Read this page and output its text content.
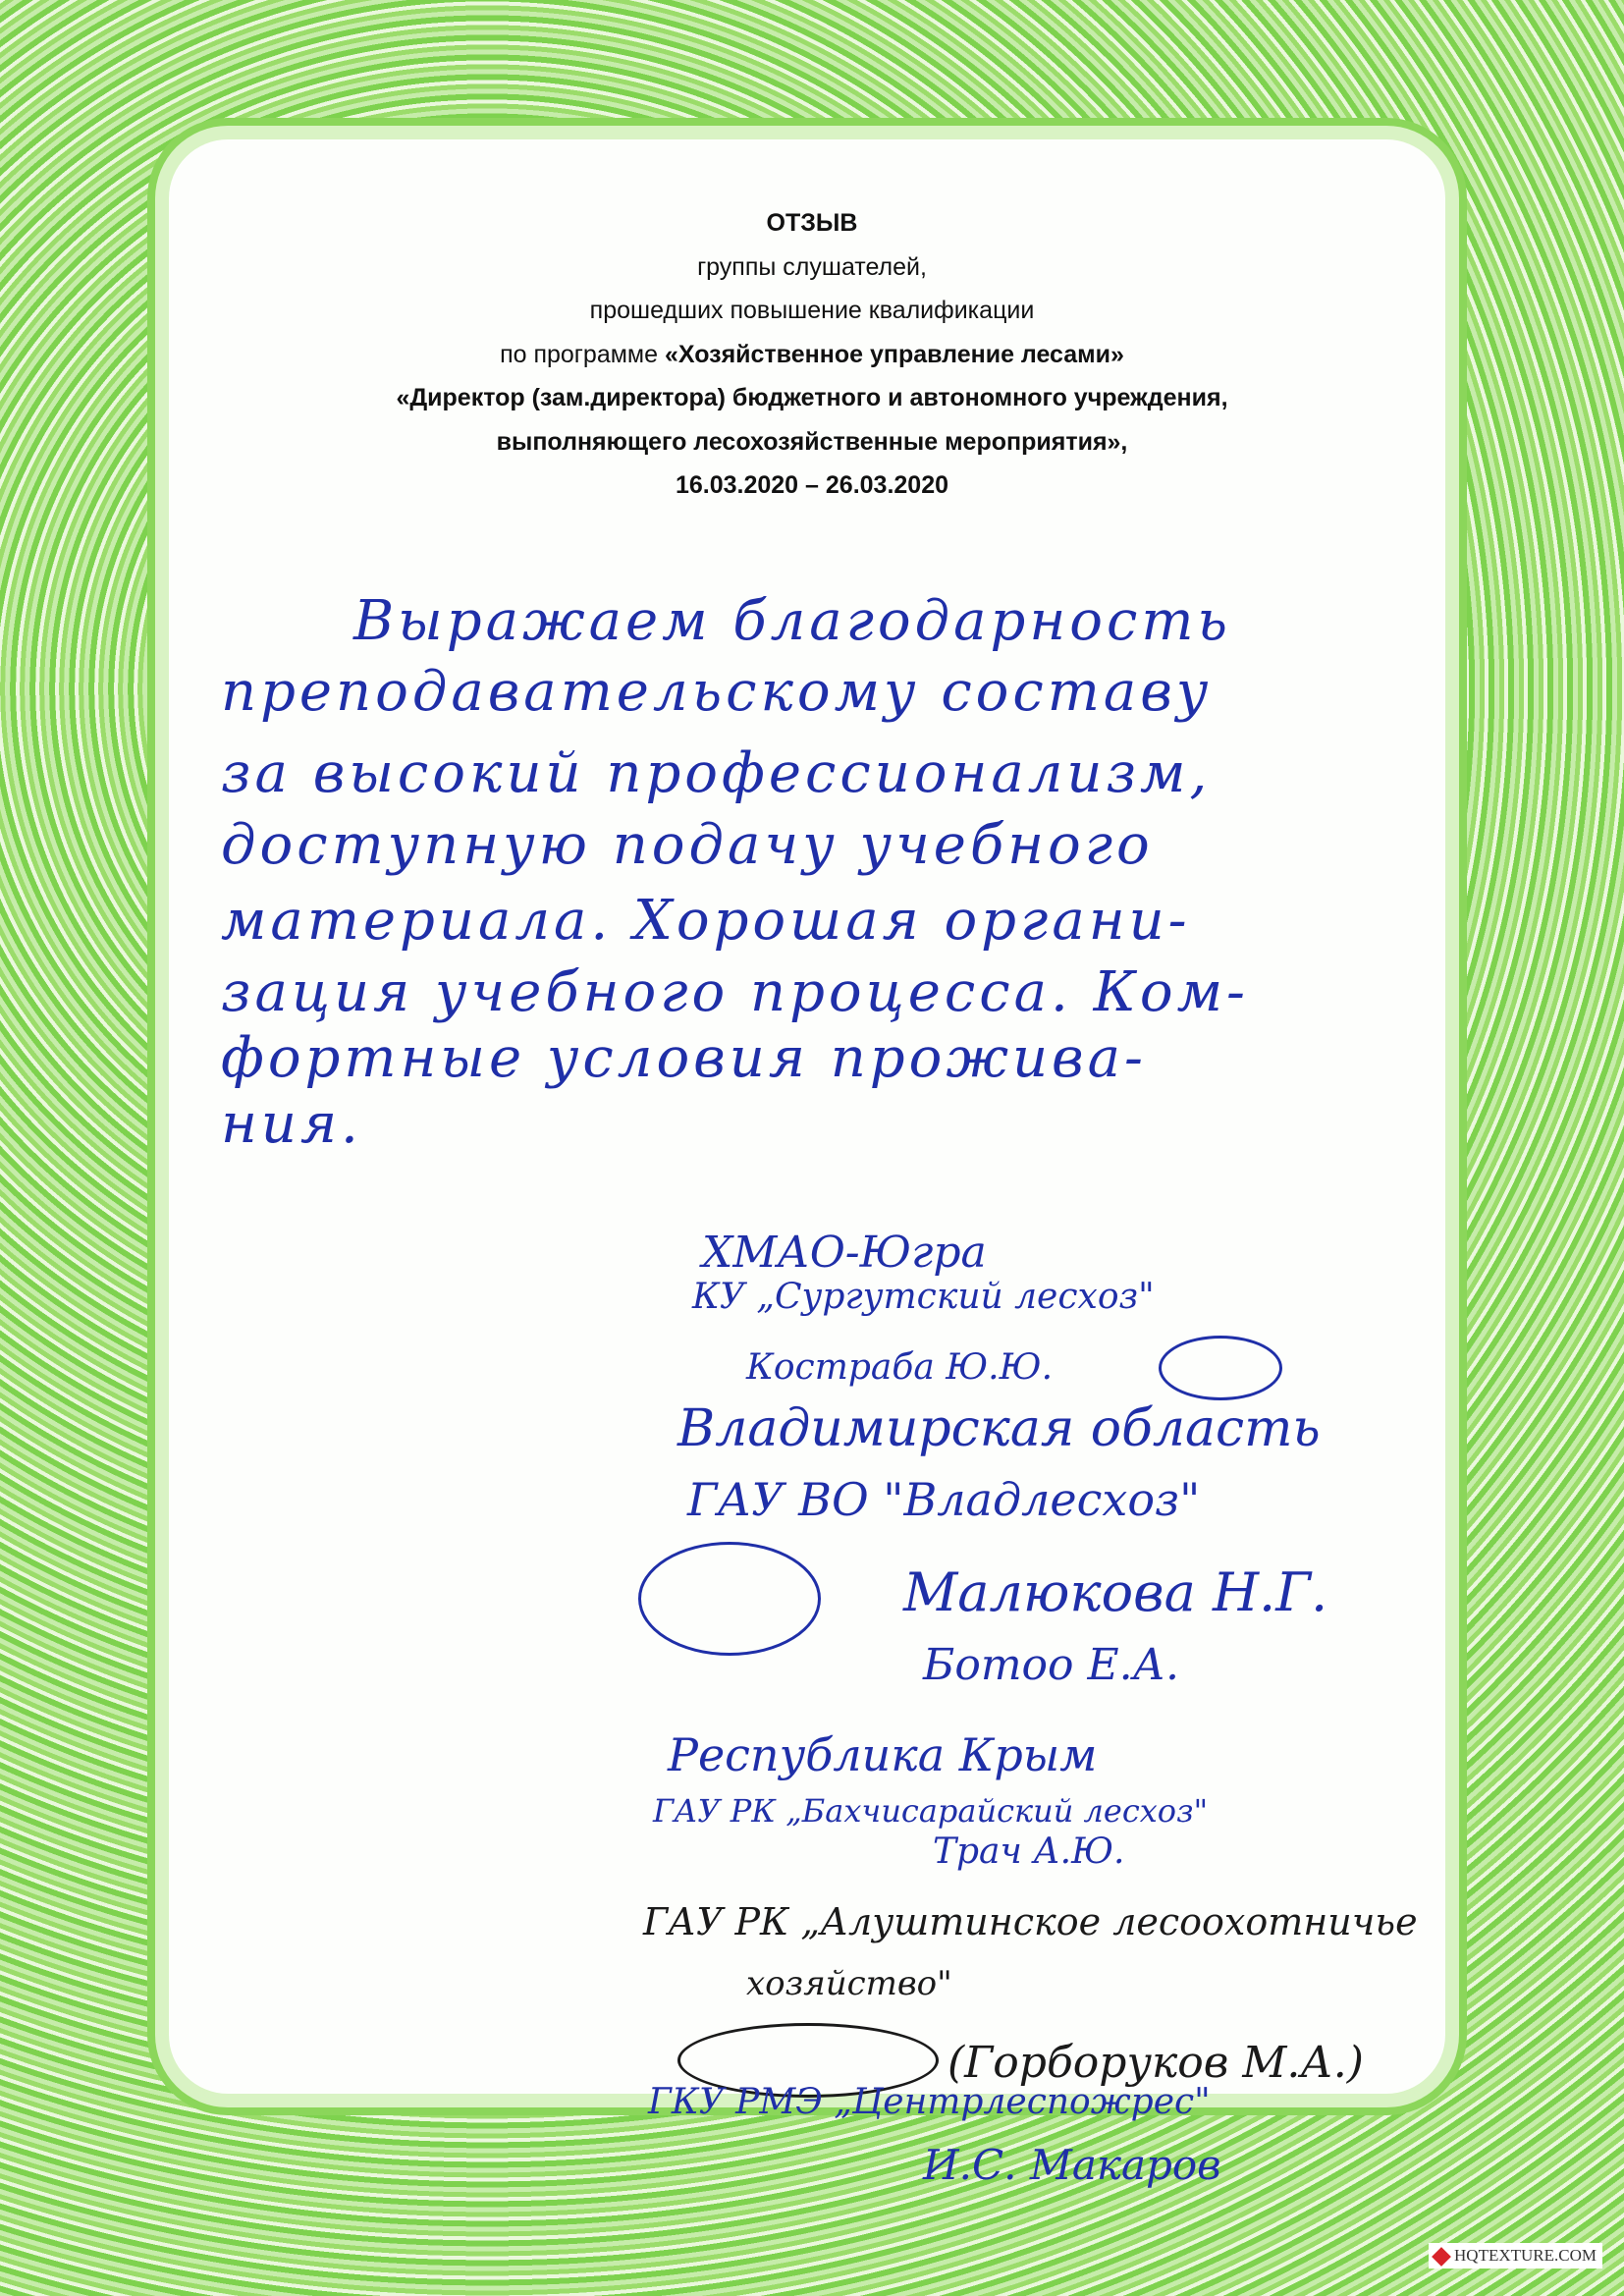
ОТЗЫВ
группы слушателей,
прошедших повышение квалификации
по программе «Хозяйственное управление лесами»
«Директор (зам.директора) бюджетного и автономного учреждения,
выполняющего лесохозяйственные мероприятия»,
16.03.2020 – 26.03.2020
Выражаем благодарность
преподавательскому составу
за высокий профессионализм,
доступную подачу учебного
материала. Хорошая органи-
зация учебного процесса. Ком-
фортные условия прожива-
ния.
ХМАО-Югра
КУ „Сургутский лесхоз"
Костраба Ю.Ю.
Владимирская область
ГАУ ВО "Владлесхоз"
Малюкова Н.Г.
Ботоо Е.А.
Республика Крым
ГАУ РК „Бахчисарайский лесхоз"
Трач А.Ю.
ГАУ РК „Алуштинское лесоохотничье
хозяйство"
(Горборуков М.А.)
ГКУ РМЭ „Центрлеспожрес"
И.С. Макаров
HQTEXTURE.COM
